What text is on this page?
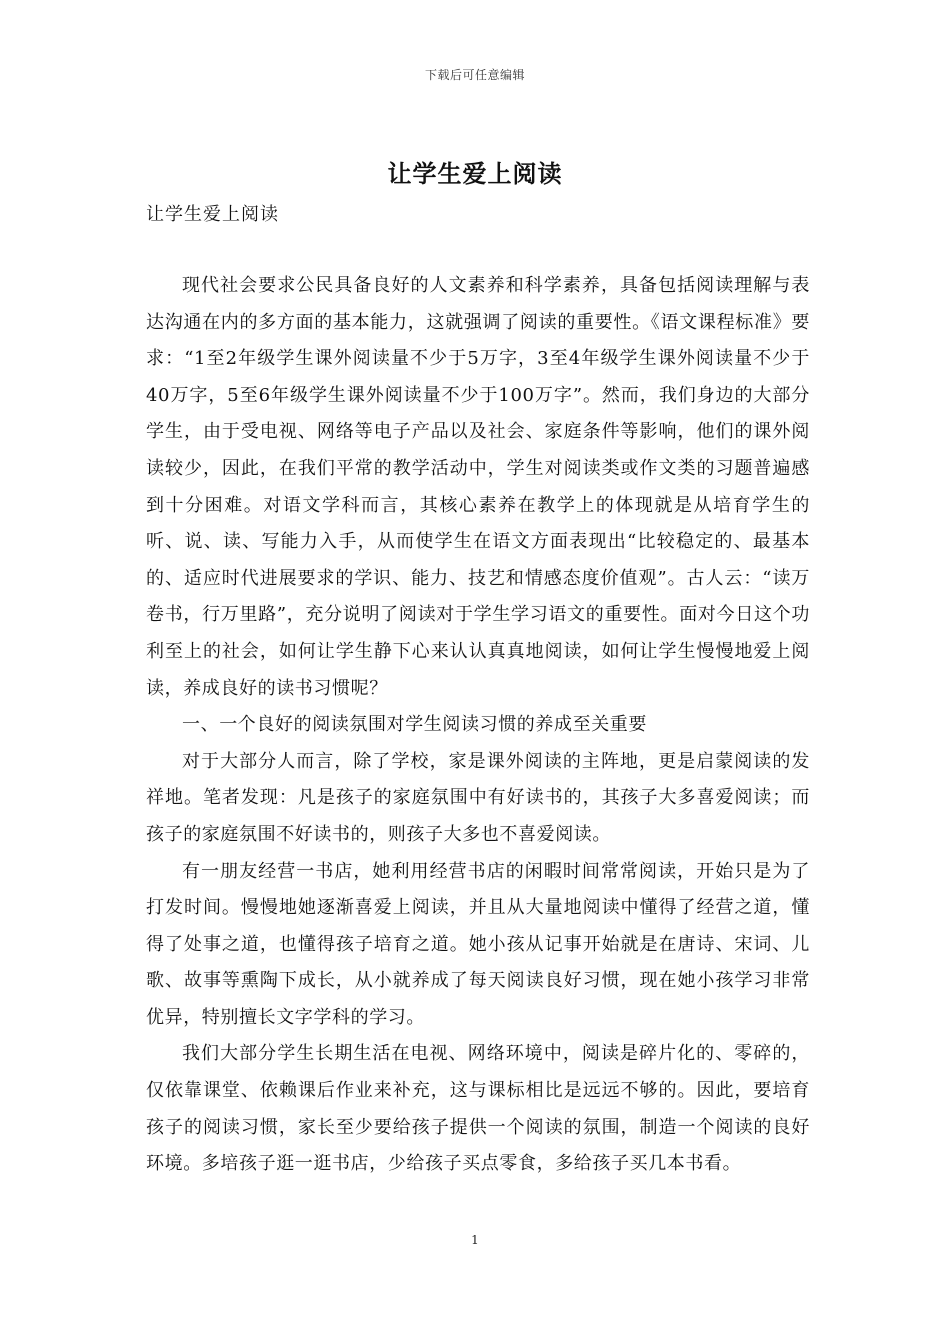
下载后可任意编辑
让学生爱上阅读
让学生爱上阅读

现代社会要求公民具备良好的人文素养和科学素养，具备包括阅读理解与表达沟通在内的多方面的基本能力，这就强调了阅读的重要性。《语文课程标准》要求：“1至2年级学生课外阅读量不少于5万字，3至4年级学生课外阅读量不少于40万字，5至6年级学生课外阅读量不少于100万字”。然而，我们身边的大部分学生，由于受电视、网络等电子产品以及社会、家庭条件等影响，他们的课外阅读较少，因此，在我们平常的教学活动中，学生对阅读类或作文类的习题普遍感到十分困难。对语文学科而言，其核心素养在教学上的体现就是从培育学生的听、说、读、写能力入手，从而使学生在语文方面表现出“比较稳定的、最基本的、适应时代进展要求的学识、能力、技艺和情感态度价值观”。古人云：“读万卷书，行万里路”，充分说明了阅读对于学生学习语文的重要性。面对今日这个功利至上的社会，如何让学生静下心来认认真真地阅读，如何让学生慢慢地爱上阅读，养成良好的读书习惯呢？

一、一个良好的阅读氛围对学生阅读习惯的养成至关重要

对于大部分人而言，除了学校，家是课外阅读的主阵地，更是启蒙阅读的发祥地。笔者发现：凡是孩子的家庭氛围中有好读书的，其孩子大多喜爱阅读；而孩子的家庭氛围不好读书的，则孩子大多也不喜爱阅读。

有一朋友经营一书店，她利用经营书店的闲暇时间常常阅读，开始只是为了打发时间。慢慢地她逐渐喜爱上阅读，并且从大量地阅读中懂得了经营之道，懂得了处事之道，也懂得孩子培育之道。她小孩从记事开始就是在唐诗、宋词、儿歌、故事等熏陶下成长，从小就养成了每天阅读良好习惯，现在她小孩学习非常优异，特别擅长文字学科的学习。

我们大部分学生长期生活在电视、网络环境中，阅读是碎片化的、零碎的，仅依靠课堂、依赖课后作业来补充，这与课标相比是远远不够的。因此，要培育孩子的阅读习惯，家长至少要给孩子提供一个阅读的氛围，制造一个阅读的良好环境。多培孩子逛一逛书店，少给孩子买点零食，多给孩子买几本书看。

1
